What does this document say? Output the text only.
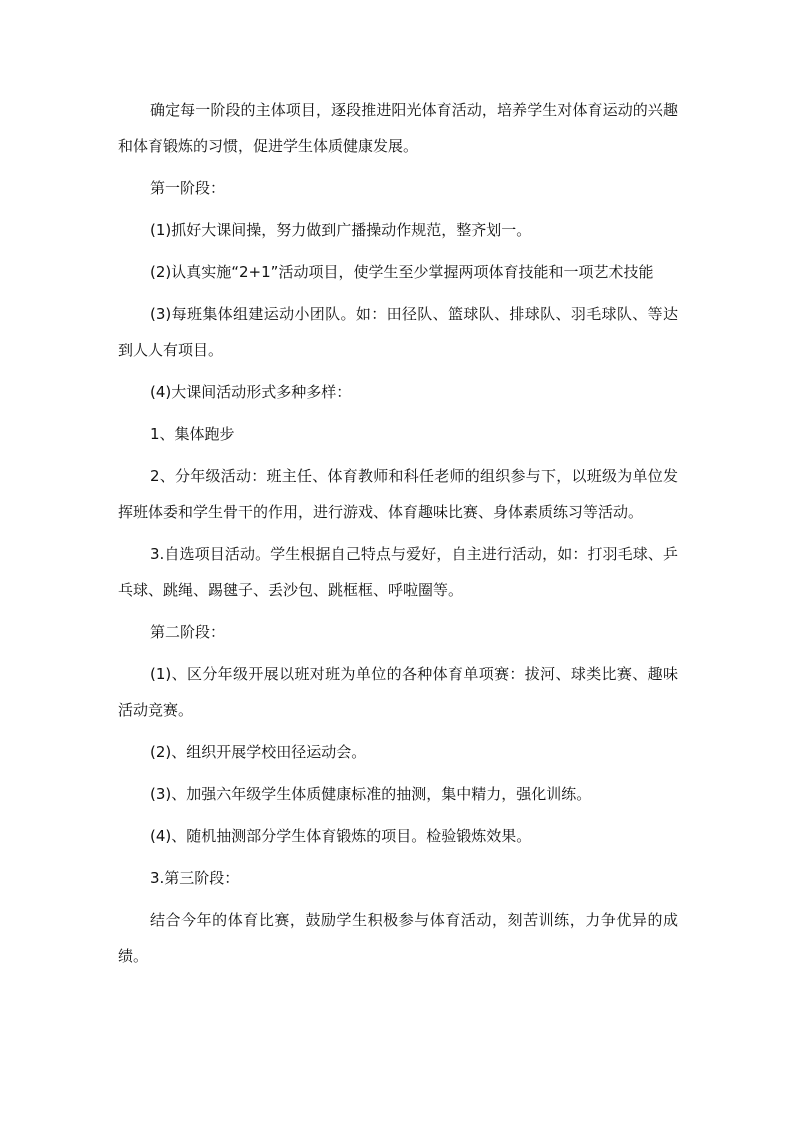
确定每一阶段的主体项目，逐段推进阳光体育活动，培养学生对体育运动的兴趣和体育锻炼的习惯，促进学生体质健康发展。

第一阶段：

(1)抓好大课间操，努力做到广播操动作规范，整齐划一。

(2)认真实施“2+1”活动项目，使学生至少掌握两项体育技能和一项艺术技能

(3)每班集体组建运动小团队。如：田径队、篮球队、排球队、羽毛球队、等达到人人有项目。

(4)大课间活动形式多种多样：

1、集体跑步

2、分年级活动：班主任、体育教师和科任老师的组织参与下，以班级为单位发挥班体委和学生骨干的作用，进行游戏、体育趣味比赛、身体素质练习等活动。

3.自选项目活动。学生根据自己特点与爱好，自主进行活动，如：打羽毛球、乒乓球、跳绳、踢毽子、丢沙包、跳框框、呼啦圈等。

第二阶段：

(1)、区分年级开展以班对班为单位的各种体育单项赛：拔河、球类比赛、趣味活动竞赛。

(2)、组织开展学校田径运动会。

(3)、加强六年级学生体质健康标准的抽测，集中精力，强化训练。

(4)、随机抽测部分学生体育锻炼的项目。检验锻炼效果。

3.第三阶段：

结合今年的体育比赛，鼓励学生积极参与体育活动，刻苦训练，力争优异的成绩。
